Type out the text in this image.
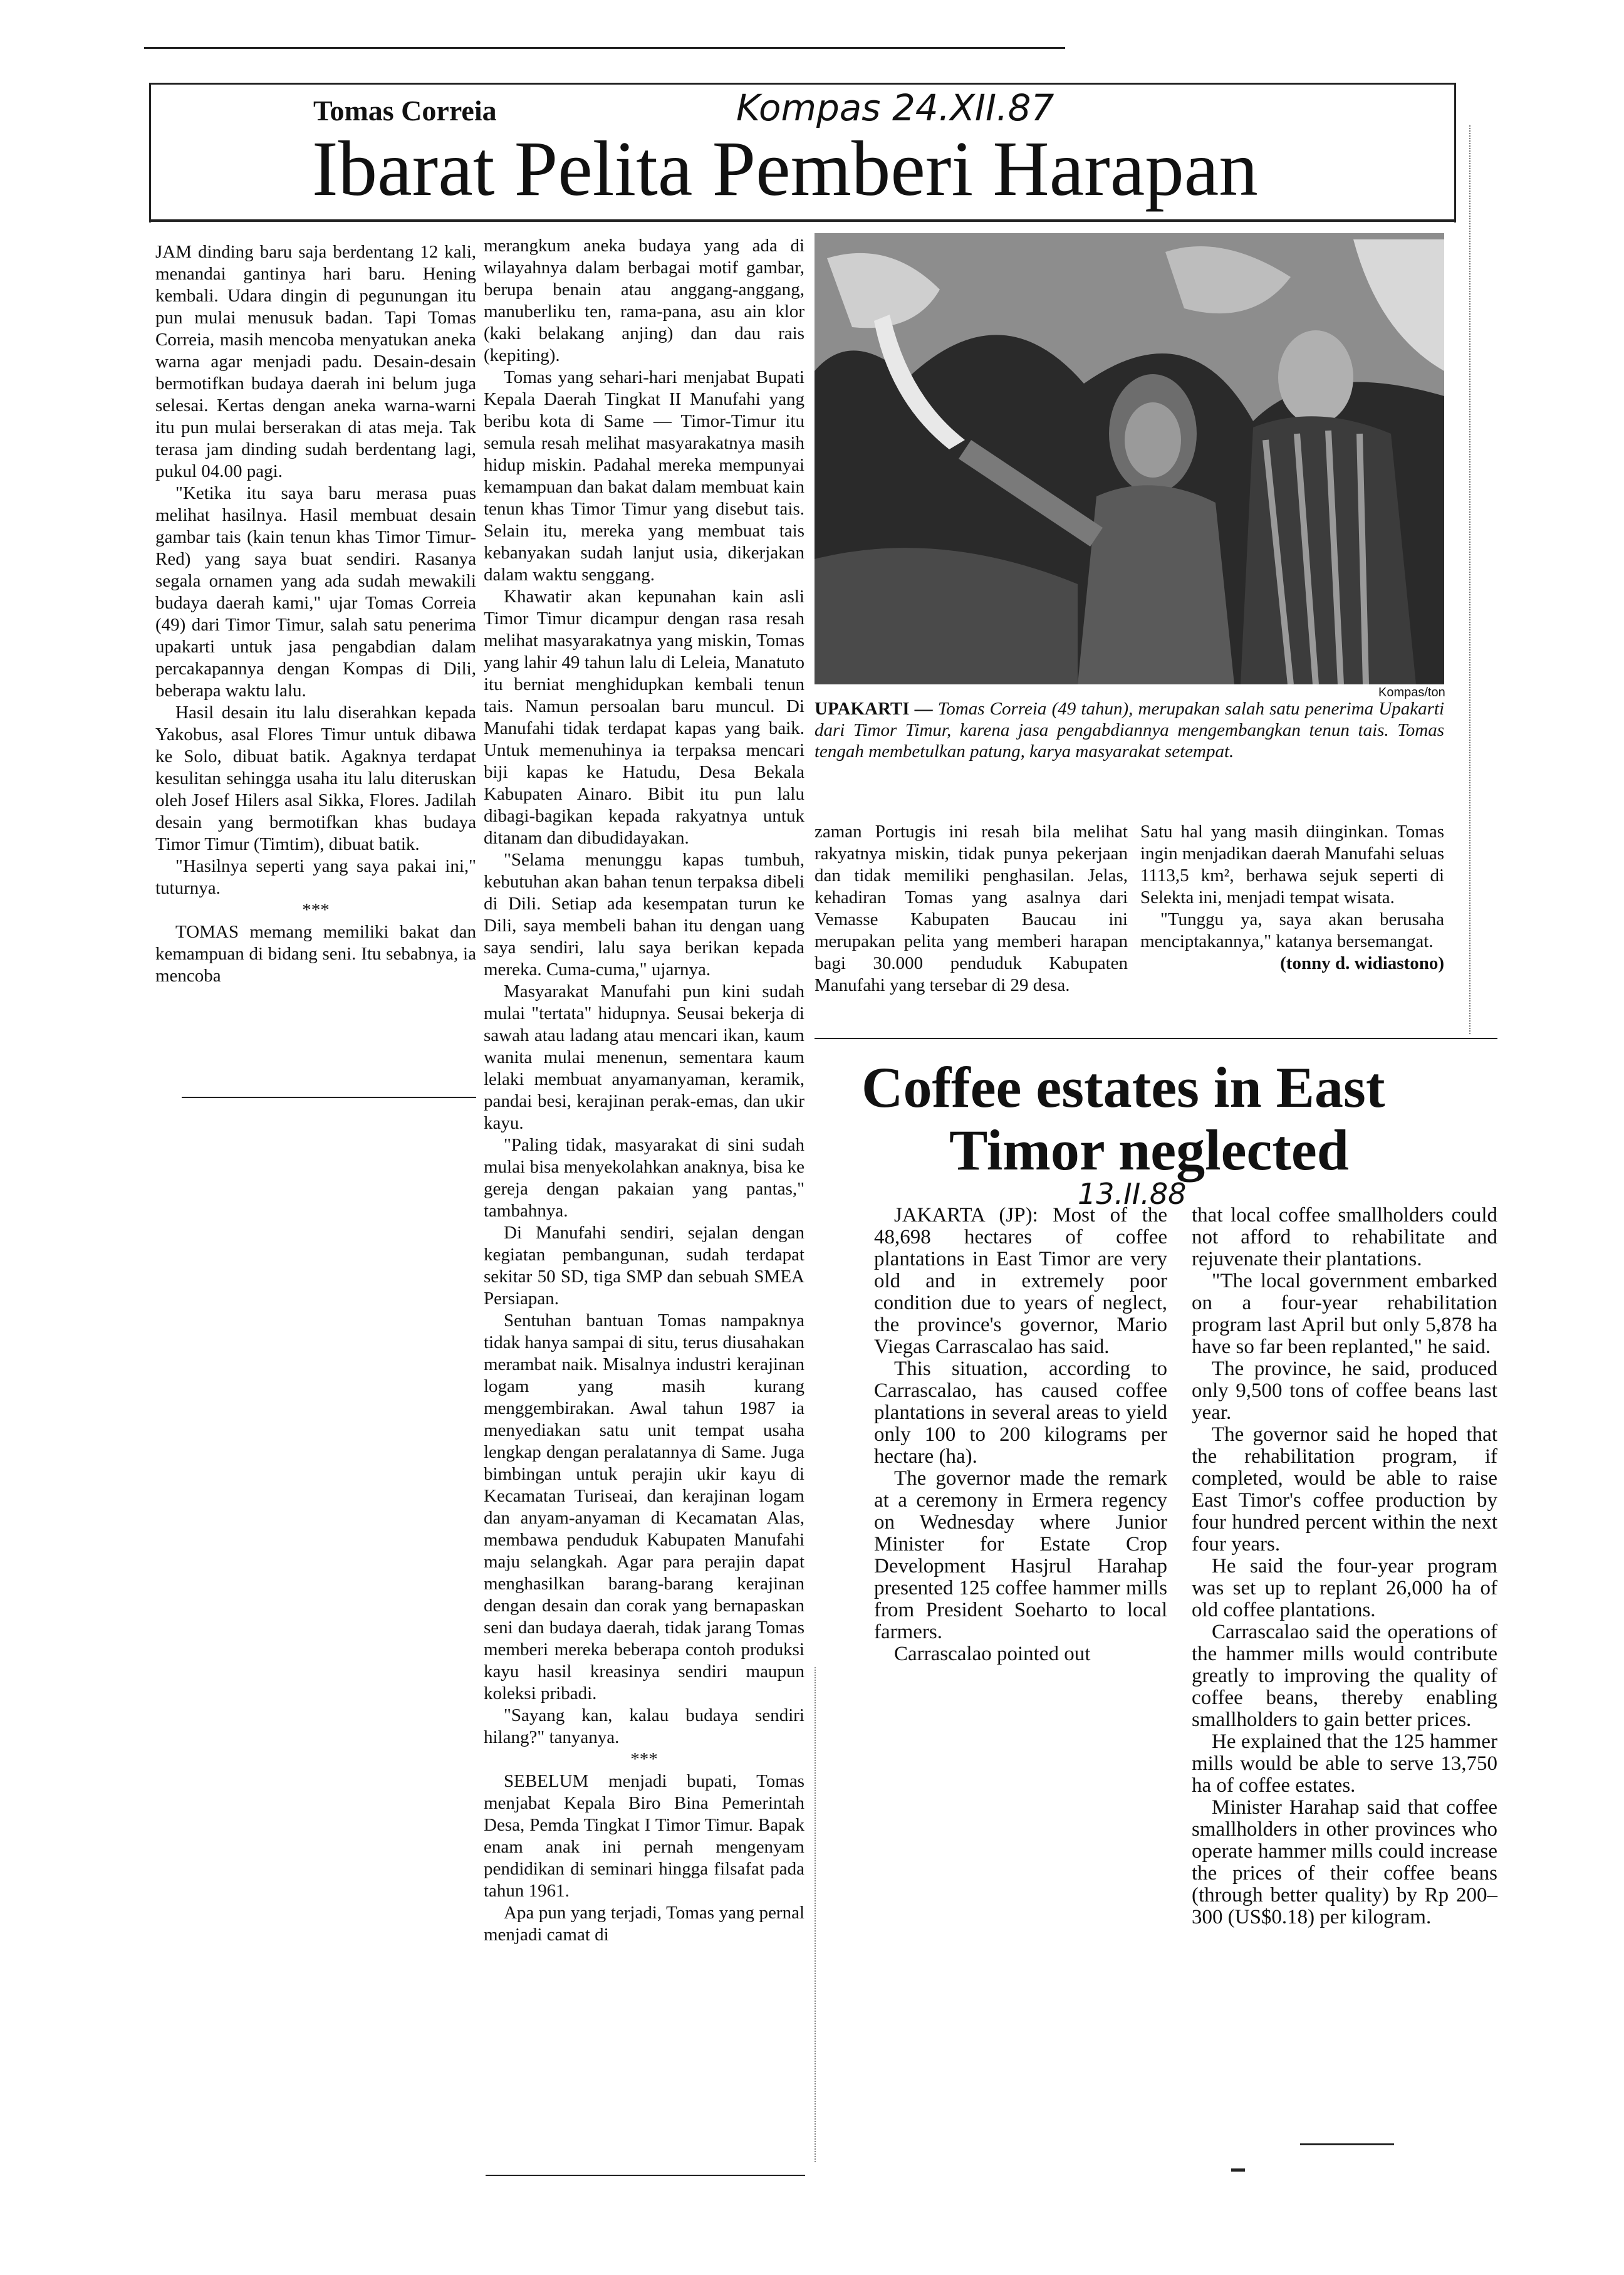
Tomas Correia	Kompas 24.XII.87
Ibarat Pelita Pemberi Harapan

JAM dinding baru saja berdentang 12 kali, menandai gantinya hari baru. Hening kembali. Udara dingin di pegunungan itu pun mulai menusuk badan. Tapi Tomas Correia, masih mencoba menyatukan aneka warna agar menjadi padu. Desain-desain bermotifkan budaya daerah ini belum juga selesai. Kertas dengan aneka warna-warni itu pun mulai berserakan di atas meja. Tak terasa jam dinding sudah berdentang lagi, pukul 04.00 pagi.

"Ketika itu saya baru merasa puas melihat hasilnya. Hasil membuat desain gambar tais (kain tenun khas Timor Timur-Red) yang saya buat sendiri. Rasanya segala ornamen yang ada sudah mewakili budaya daerah kami," ujar Tomas Correia (49) dari Timor Timur, salah satu penerima upakarti untuk jasa pengabdian dalam percakapannya dengan Kompas di Dili, beberapa waktu lalu.

Hasil desain itu lalu diserahkan kepada Yakobus, asal Flores Timur untuk dibawa ke Solo, dibuat batik. Agaknya terdapat kesulitan sehingga usaha itu lalu diteruskan oleh Josef Hilers asal Sikka, Flores. Jadilah desain yang bermotifkan khas budaya Timor Timur (Timtim), dibuat batik.

"Hasilnya seperti yang saya pakai ini," tuturnya.

***

TOMAS memang memiliki bakat dan kemampuan di bidang seni. Itu sebabnya, ia mencoba

merangkum aneka budaya yang ada di wilayahnya dalam berbagai motif gambar, berupa benain atau anggang-anggang, manuberliku ten, rama-pana, asu ain klor (kaki belakang anjing) dan dau rais (kepiting).

Tomas yang sehari-hari menjabat Bupati Kepala Daerah Tingkat II Manufahi yang beribu kota di Same — Timor-Timur itu semula resah melihat masyarakatnya masih hidup miskin. Padahal mereka mempunyai kemampuan dan bakat dalam membuat kain tenun khas Timor Timur yang disebut tais. Selain itu, mereka yang membuat tais kebanyakan sudah lanjut usia, dikerjakan dalam waktu senggang.

Khawatir akan kepunahan kain asli Timor Timur dicampur dengan rasa resah melihat masyarakatnya yang miskin, Tomas yang lahir 49 tahun lalu di Leleia, Manatuto itu berniat menghidupkan kembali tenun tais. Namun persoalan baru muncul. Di Manufahi tidak terdapat kapas yang baik. Untuk memenuhinya ia terpaksa mencari biji kapas ke Hatudu, Desa Bekala Kabupaten Ainaro. Bibit itu pun lalu dibagi-bagikan kepada rakyatnya untuk ditanam dan dibudidayakan.

"Selama menunggu kapas tumbuh, kebutuhan akan bahan tenun terpaksa dibeli di Dili. Setiap ada kesempatan turun ke Dili, saya membeli bahan itu dengan uang saya sendiri, lalu saya berikan kepada mereka. Cuma-cuma," ujarnya.

Masyarakat Manufahi pun kini sudah mulai "tertata" hidupnya. Seusai bekerja di sawah atau ladang atau mencari ikan, kaum wanita mulai menenun, sementara kaum lelaki membuat anyamanyaman, keramik, pandai besi, kerajinan perak-emas, dan ukir kayu.

"Paling tidak, masyarakat di sini sudah mulai bisa menyekolahkan anaknya, bisa ke gereja dengan pakaian yang pantas," tambahnya.

Di Manufahi sendiri, sejalan dengan kegiatan pembangunan, sudah terdapat sekitar 50 SD, tiga SMP dan sebuah SMEA Persiapan.

Sentuhan bantuan Tomas nampaknya tidak hanya sampai di situ, terus diusahakan merambat naik. Misalnya industri kerajinan logam yang masih kurang menggembirakan. Awal tahun 1987 ia menyediakan satu unit tempat usaha lengkap dengan peralatannya di Same. Juga bimbingan untuk perajin ukir kayu di Kecamatan Turiseai, dan kerajinan logam dan anyam-anyaman di Kecamatan Alas, membawa penduduk Kabupaten Manufahi maju selangkah. Agar para perajin dapat menghasilkan barang-barang kerajinan dengan desain dan corak yang bernapaskan seni dan budaya daerah, tidak jarang Tomas memberi mereka beberapa contoh produksi kayu hasil kreasinya sendiri maupun koleksi pribadi.

"Sayang kan, kalau budaya sendiri hilang?" tanyanya.

***

SEBELUM menjadi bupati, Tomas menjabat Kepala Biro Bina Pemerintah Desa, Pemda Tingkat I Timor Timur. Bapak enam anak ini pernah mengenyam pendidikan di seminari hingga filsafat pada tahun 1961.

Apa pun yang terjadi, Tomas yang pernal menjadi camat di

Kompas/ton
UPAKARTI — Tomas Correia (49 tahun), merupakan salah satu penerima Upakarti dari Timor Timur, karena jasa pengabdiannya mengembangkan tenun tais. Tomas tengah membetulkan patung, karya masyarakat setempat.

zaman Portugis ini resah bila melihat rakyatnya miskin, tidak punya pekerjaan dan tidak memiliki penghasilan. Jelas, kehadiran Tomas yang asalnya dari Vemasse Kabupaten Baucau ini merupakan pelita yang memberi harapan bagi 30.000 penduduk Kabupaten Manufahi yang tersebar di 29 desa.

Satu hal yang masih diinginkan. Tomas ingin menjadikan daerah Manufahi seluas 1113,5 km², berhawa sejuk seperti di Selekta ini, menjadi tempat wisata.

"Tunggu ya, saya akan berusaha menciptakannya," katanya bersemangat.

(tonny d. widiastono)

Coffee estates in East
Timor neglected
13.II.88

JAKARTA (JP): Most of the 48,698 hectares of coffee plantations in East Timor are very old and in extremely poor condition due to years of neglect, the province's governor, Mario Viegas Carrascalao has said.

This situation, according to Carrascalao, has caused coffee plantations in several areas to yield only 100 to 200 kilograms per hectare (ha).

The governor made the remark at a ceremony in Ermera regency on Wednesday where Junior Minister for Estate Crop Development Hasjrul Harahap presented 125 coffee hammer mills from President Soeharto to local farmers.

Carrascalao pointed out

that local coffee smallholders could not afford to rehabilitate and rejuvenate their plantations.

"The local government embarked on a four-year rehabilitation program last April but only 5,878 ha have so far been replanted," he said.

The province, he said, produced only 9,500 tons of coffee beans last year.

The governor said he hoped that the rehabilitation program, if completed, would be able to raise East Timor's coffee production by four hundred percent within the next four years.

He said the four-year program was set up to replant 26,000 ha of old coffee plantations.

Carrascalao said the operations of the hammer mills would contribute greatly to improving the quality of coffee beans, thereby enabling smallholders to gain better prices.

He explained that the 125 hammer mills would be able to serve 13,750 ha of coffee estates.

Minister Harahap said that coffee smallholders in other provinces who operate hammer mills could increase the prices of their coffee beans (through better quality) by Rp 200–300 (US$0.18) per kilogram.
